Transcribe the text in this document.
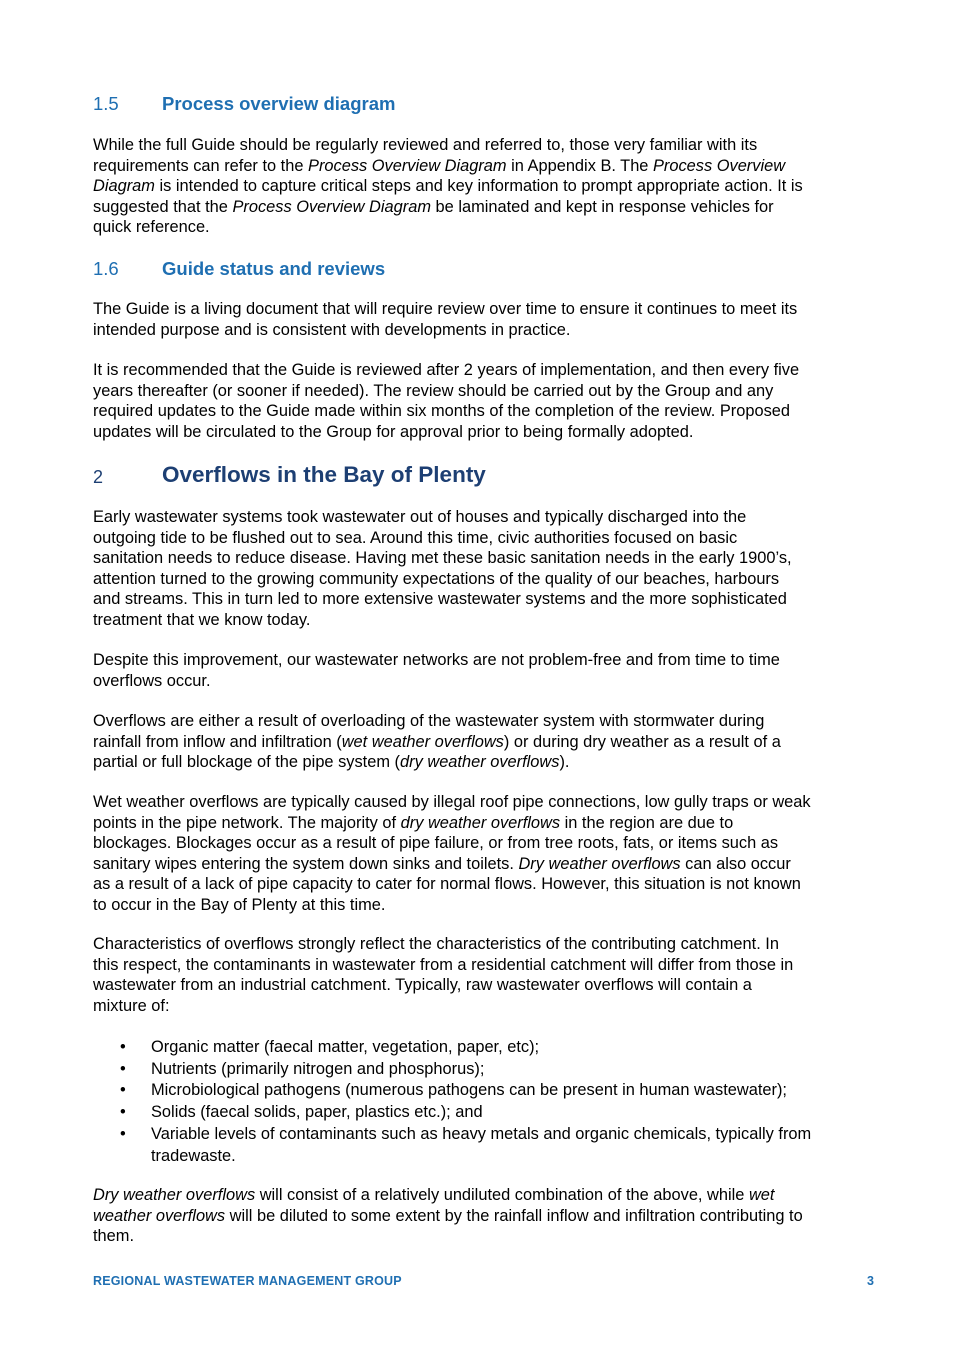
1.5 Process overview diagram
While the full Guide should be regularly reviewed and referred to, those very familiar with its
requirements can refer to the Process Overview Diagram in Appendix B. The Process Overview
Diagram is intended to capture critical steps and key information to prompt appropriate action. It is
suggested that the Process Overview Diagram be laminated and kept in response vehicles for
quick reference.
1.6 Guide status and reviews
The Guide is a living document that will require review over time to ensure it continues to meet its
intended purpose and is consistent with developments in practice.
It is recommended that the Guide is reviewed after 2 years of implementation, and then every five
years thereafter (or sooner if needed). The review should be carried out by the Group and any
required updates to the Guide made within six months of the completion of the review. Proposed
updates will be circulated to the Group for approval prior to being formally adopted.
2	Overflows in the Bay of Plenty
Early wastewater systems took wastewater out of houses and typically discharged into the
outgoing tide to be flushed out to sea. Around this time, civic authorities focused on basic
sanitation needs to reduce disease. Having met these basic sanitation needs in the early 1900’s,
attention turned to the growing community expectations of the quality of our beaches, harbours
and streams. This in turn led to more extensive wastewater systems and the more sophisticated
treatment that we know today.
Despite this improvement, our wastewater networks are not problem-free and from time to time
overflows occur.
Overflows are either a result of overloading of the wastewater system with stormwater during
rainfall from inflow and infiltration (wet weather overflows) or during dry weather as a result of a
partial or full blockage of the pipe system (dry weather overflows).
Wet weather overflows are typically caused by illegal roof pipe connections, low gully traps or weak
points in the pipe network. The majority of dry weather overflows in the region are due to
blockages. Blockages occur as a result of pipe failure, or from tree roots, fats, or items such as
sanitary wipes entering the system down sinks and toilets. Dry weather overflows can also occur
as a result of a lack of pipe capacity to cater for normal flows. However, this situation is not known
to occur in the Bay of Plenty at this time.
Characteristics of overflows strongly reflect the characteristics of the contributing catchment. In
this respect, the contaminants in wastewater from a residential catchment will differ from those in
wastewater from an industrial catchment. Typically, raw wastewater overflows will contain a
mixture of:
• Organic matter (faecal matter, vegetation, paper, etc);
• Nutrients (primarily nitrogen and phosphorus);
• Microbiological pathogens (numerous pathogens can be present in human wastewater);
• Solids (faecal solids, paper, plastics etc.); and
• Variable levels of contaminants such as heavy metals and organic chemicals, typically from
tradewaste.
Dry weather overflows will consist of a relatively undiluted combination of the above, while wet
weather overflows will be diluted to some extent by the rainfall inflow and infiltration contributing to
them.
REGIONAL WASTEWATER MANAGEMENT GROUP	3
